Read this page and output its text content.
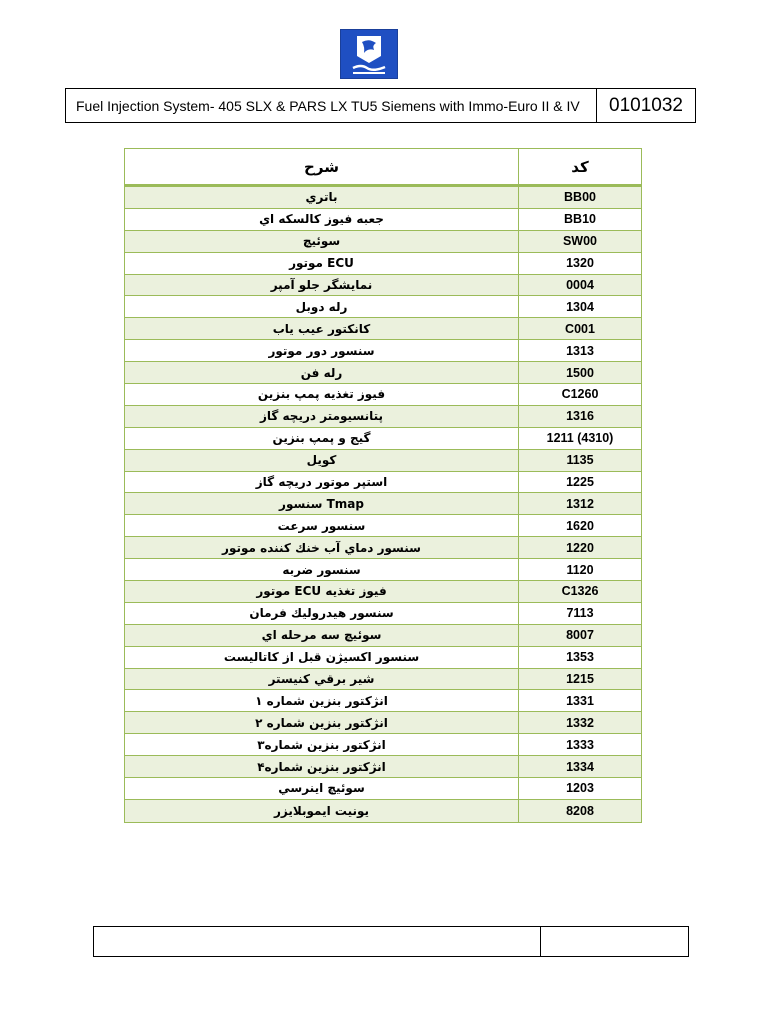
Fuel Injection System- 405 SLX & PARS LX TU5 Siemens with Immo-Euro II & IV	0101032
شرح	کد
باتري	BB00
جعبه فيوز كالسكه اي	BB10
سوئيچ	SW00
ECU موتور	1320
نمايشگر جلو آمپر	0004
رله دوبل	1304
كانكتور عيب ياب	C001
سنسور دور موتور	1313
رله فن	1500
فيوز تغذيه پمپ بنزين	C1260
پتانسيومتر دريچه گاز	1316
گيج و پمپ بنزين	1211 (4310)
كويل	1135
استپر موتور دريچه گاز	1225
Tmap سنسور	1312
سنسور سرعت	1620
سنسور دماي آب خنك كننده موتور	1220
سنسور ضربه	1120
فيوز تغذيه ECU موتور	C1326
سنسور هيدروليك فرمان	7113
سوئيچ سه مرحله اي	8007
سنسور اكسيژن قبل از كاتاليست	1353
شير برقي كنيستر	1215
انژكتور بنزين شماره ۱	1331
انژكتور بنزين شماره ۲	1332
انژكتور بنزين شماره۳	1333
انژكتور بنزين شماره۴	1334
سوئيچ اينرسي	1203
يونيت ايموبلايزر	8208
